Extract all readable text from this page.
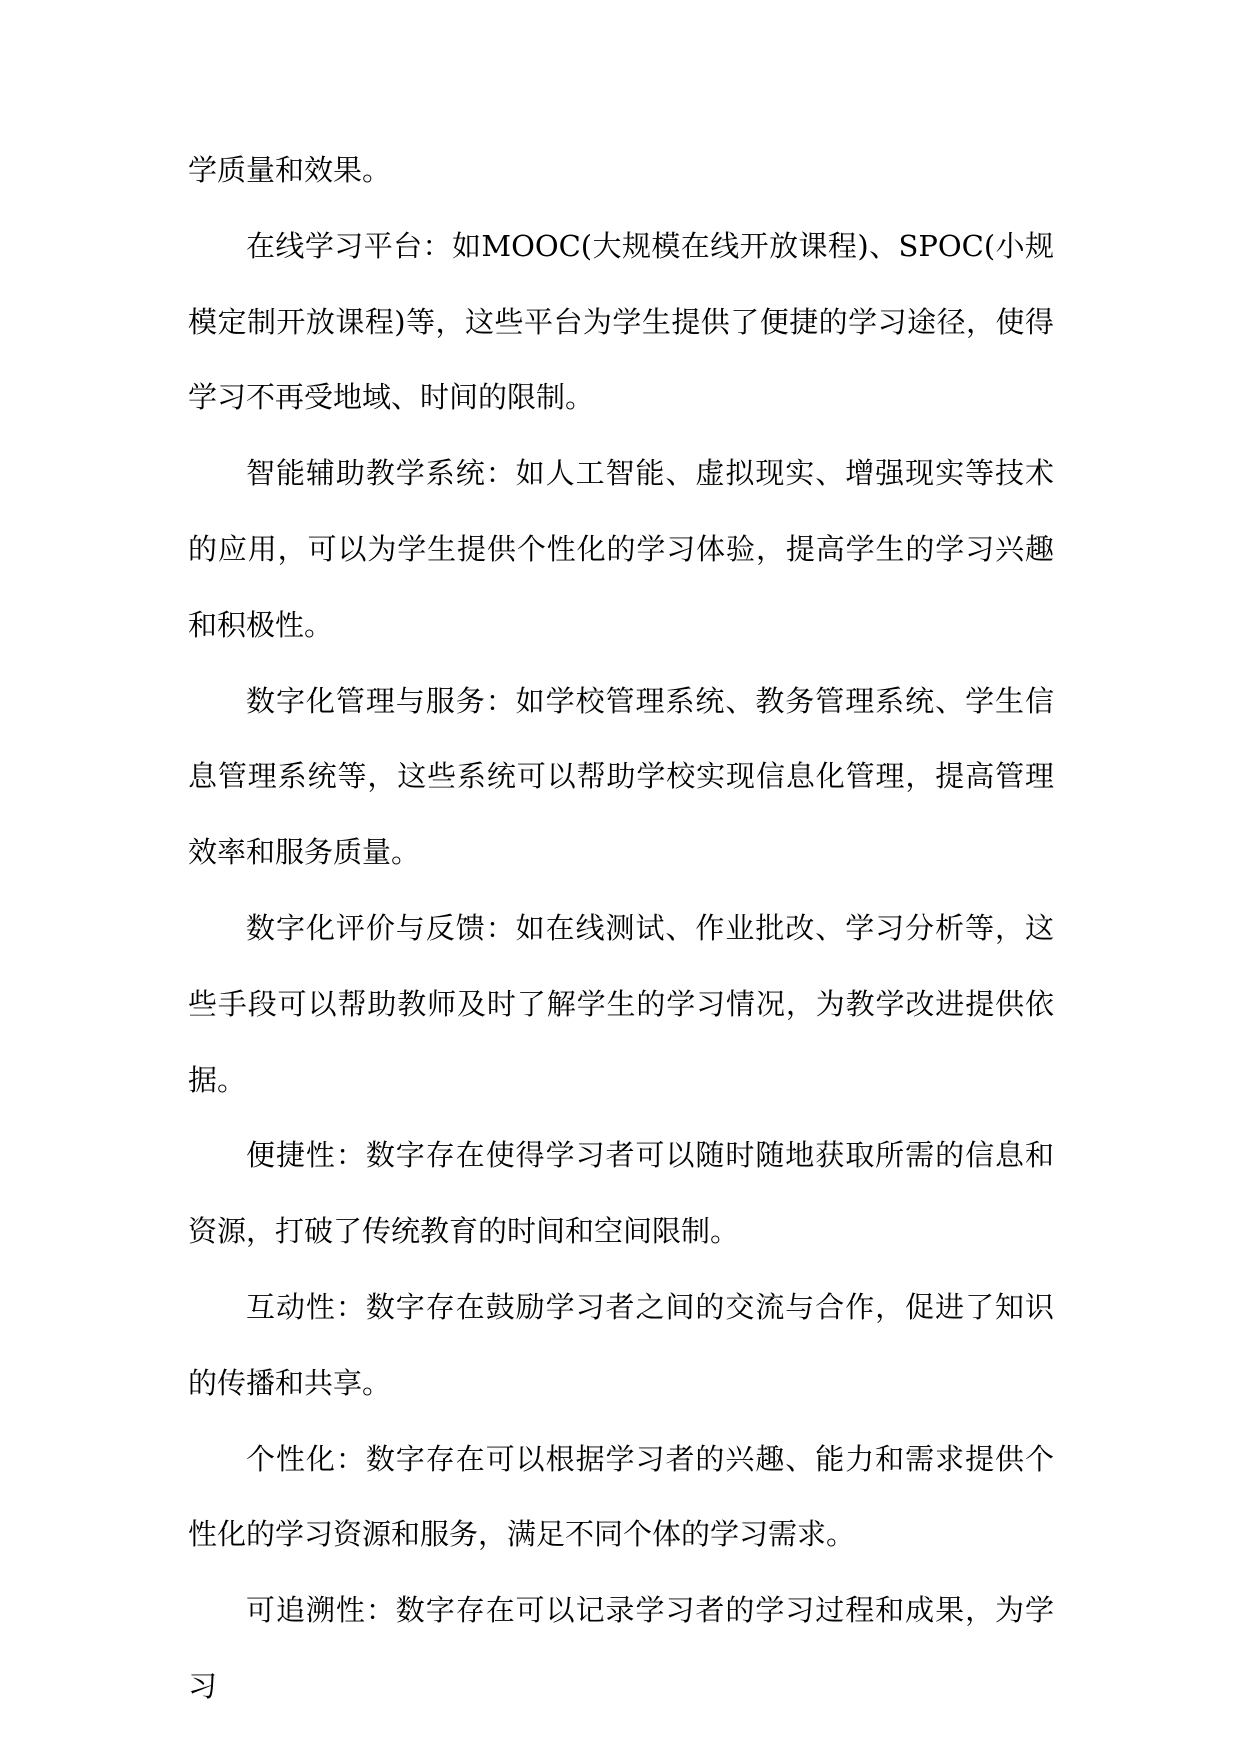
学质量和效果。

在线学习平台：如MOOC(大规模在线开放课程)、SPOC(小规模定制开放课程)等，这些平台为学生提供了便捷的学习途径，使得学习不再受地域、时间的限制。

智能辅助教学系统：如人工智能、虚拟现实、增强现实等技术的应用，可以为学生提供个性化的学习体验，提高学生的学习兴趣和积极性。

数字化管理与服务：如学校管理系统、教务管理系统、学生信息管理系统等，这些系统可以帮助学校实现信息化管理，提高管理效率和服务质量。

数字化评价与反馈：如在线测试、作业批改、学习分析等，这些手段可以帮助教师及时了解学生的学习情况，为教学改进提供依据。

便捷性：数字存在使得学习者可以随时随地获取所需的信息和资源，打破了传统教育的时间和空间限制。

互动性：数字存在鼓励学习者之间的交流与合作，促进了知识的传播和共享。

个性化：数字存在可以根据学习者的兴趣、能力和需求提供个性化的学习资源和服务，满足不同个体的学习需求。

可追溯性：数字存在可以记录学习者的学习过程和成果，为学习
